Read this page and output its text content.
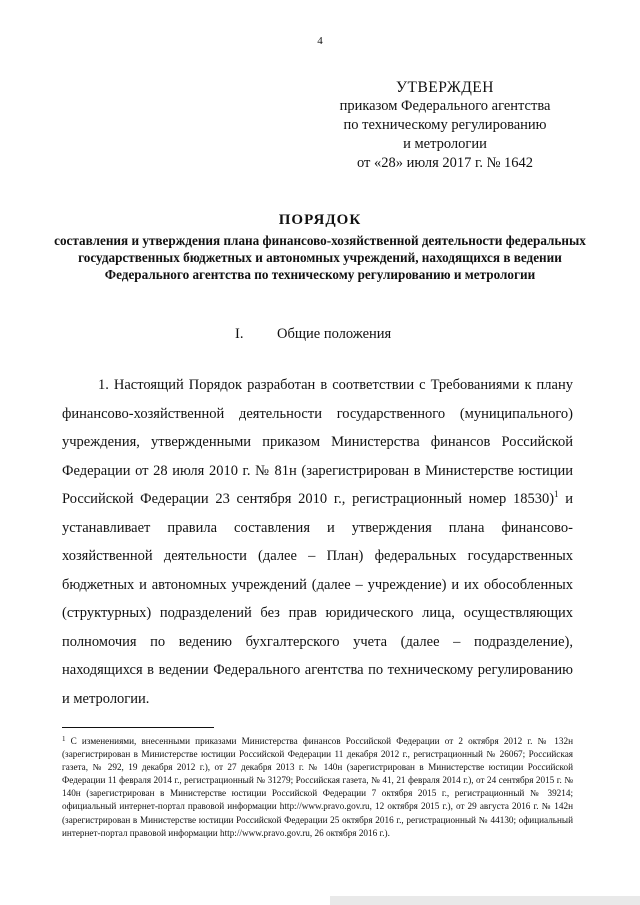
4
УТВЕРЖДЕН
приказом Федерального агентства
по техническому регулированию
и метрологии
от «28» июля 2017 г. № 1642
ПОРЯДОК
составления и утверждения плана финансово-хозяйственной деятельности федеральных государственных бюджетных и автономных учреждений, находящихся в ведении Федерального агентства по техническому регулированию и метрологии
I. Общие положения

1. Настоящий Порядок разработан в соответствии с Требованиями к плану финансово-хозяйственной деятельности государственного (муниципального) учреждения, утвержденными приказом Министерства финансов Российской Федерации от 28 июля 2010 г. № 81н (зарегистрирован в Министерстве юстиции Российской Федерации 23 сентября 2010 г., регистрационный номер 18530)$^1$ и устанавливает правила составления и утверждения плана финансово-хозяйственной деятельности (далее – План) федеральных государственных бюджетных и автономных учреждений (далее – учреждение) и их обособленных (структурных) подразделений без прав юридического лица, осуществляющих полномочия по ведению бухгалтерского учета (далее – подразделение), находящихся в ведении Федерального агентства по техническому регулированию и метрологии.

$^1$ С изменениями, внесенными приказами Министерства финансов Российской Федерации от 2 октября 2012 г. № 132н (зарегистрирован в Министерстве юстиции Российской Федерации 11 декабря 2012 г., регистрационный № 26067; Российская газета, № 292, 19 декабря 2012 г.), от 27 декабря 2013 г. № 140н (зарегистрирован в Министерстве юстиции Российской Федерации 11 февраля 2014 г., регистрационный № 31279; Российская газета, № 41, 21 февраля 2014 г.), от 24 сентября 2015 г. № 140н (зарегистрирован в Министерстве юстиции Российской Федерации 7 октября 2015 г., регистрационный № 39214; официальный интернет-портал правовой информации http://www.pravo.gov.ru, 12 октября 2015 г.), от 29 августа 2016 г. № 142н (зарегистрирован в Министерстве юстиции Российской Федерации 25 октября 2016 г., регистрационный № 44130; официальный интернет-портал правовой информации http://www.pravo.gov.ru, 26 октября 2016 г.).
